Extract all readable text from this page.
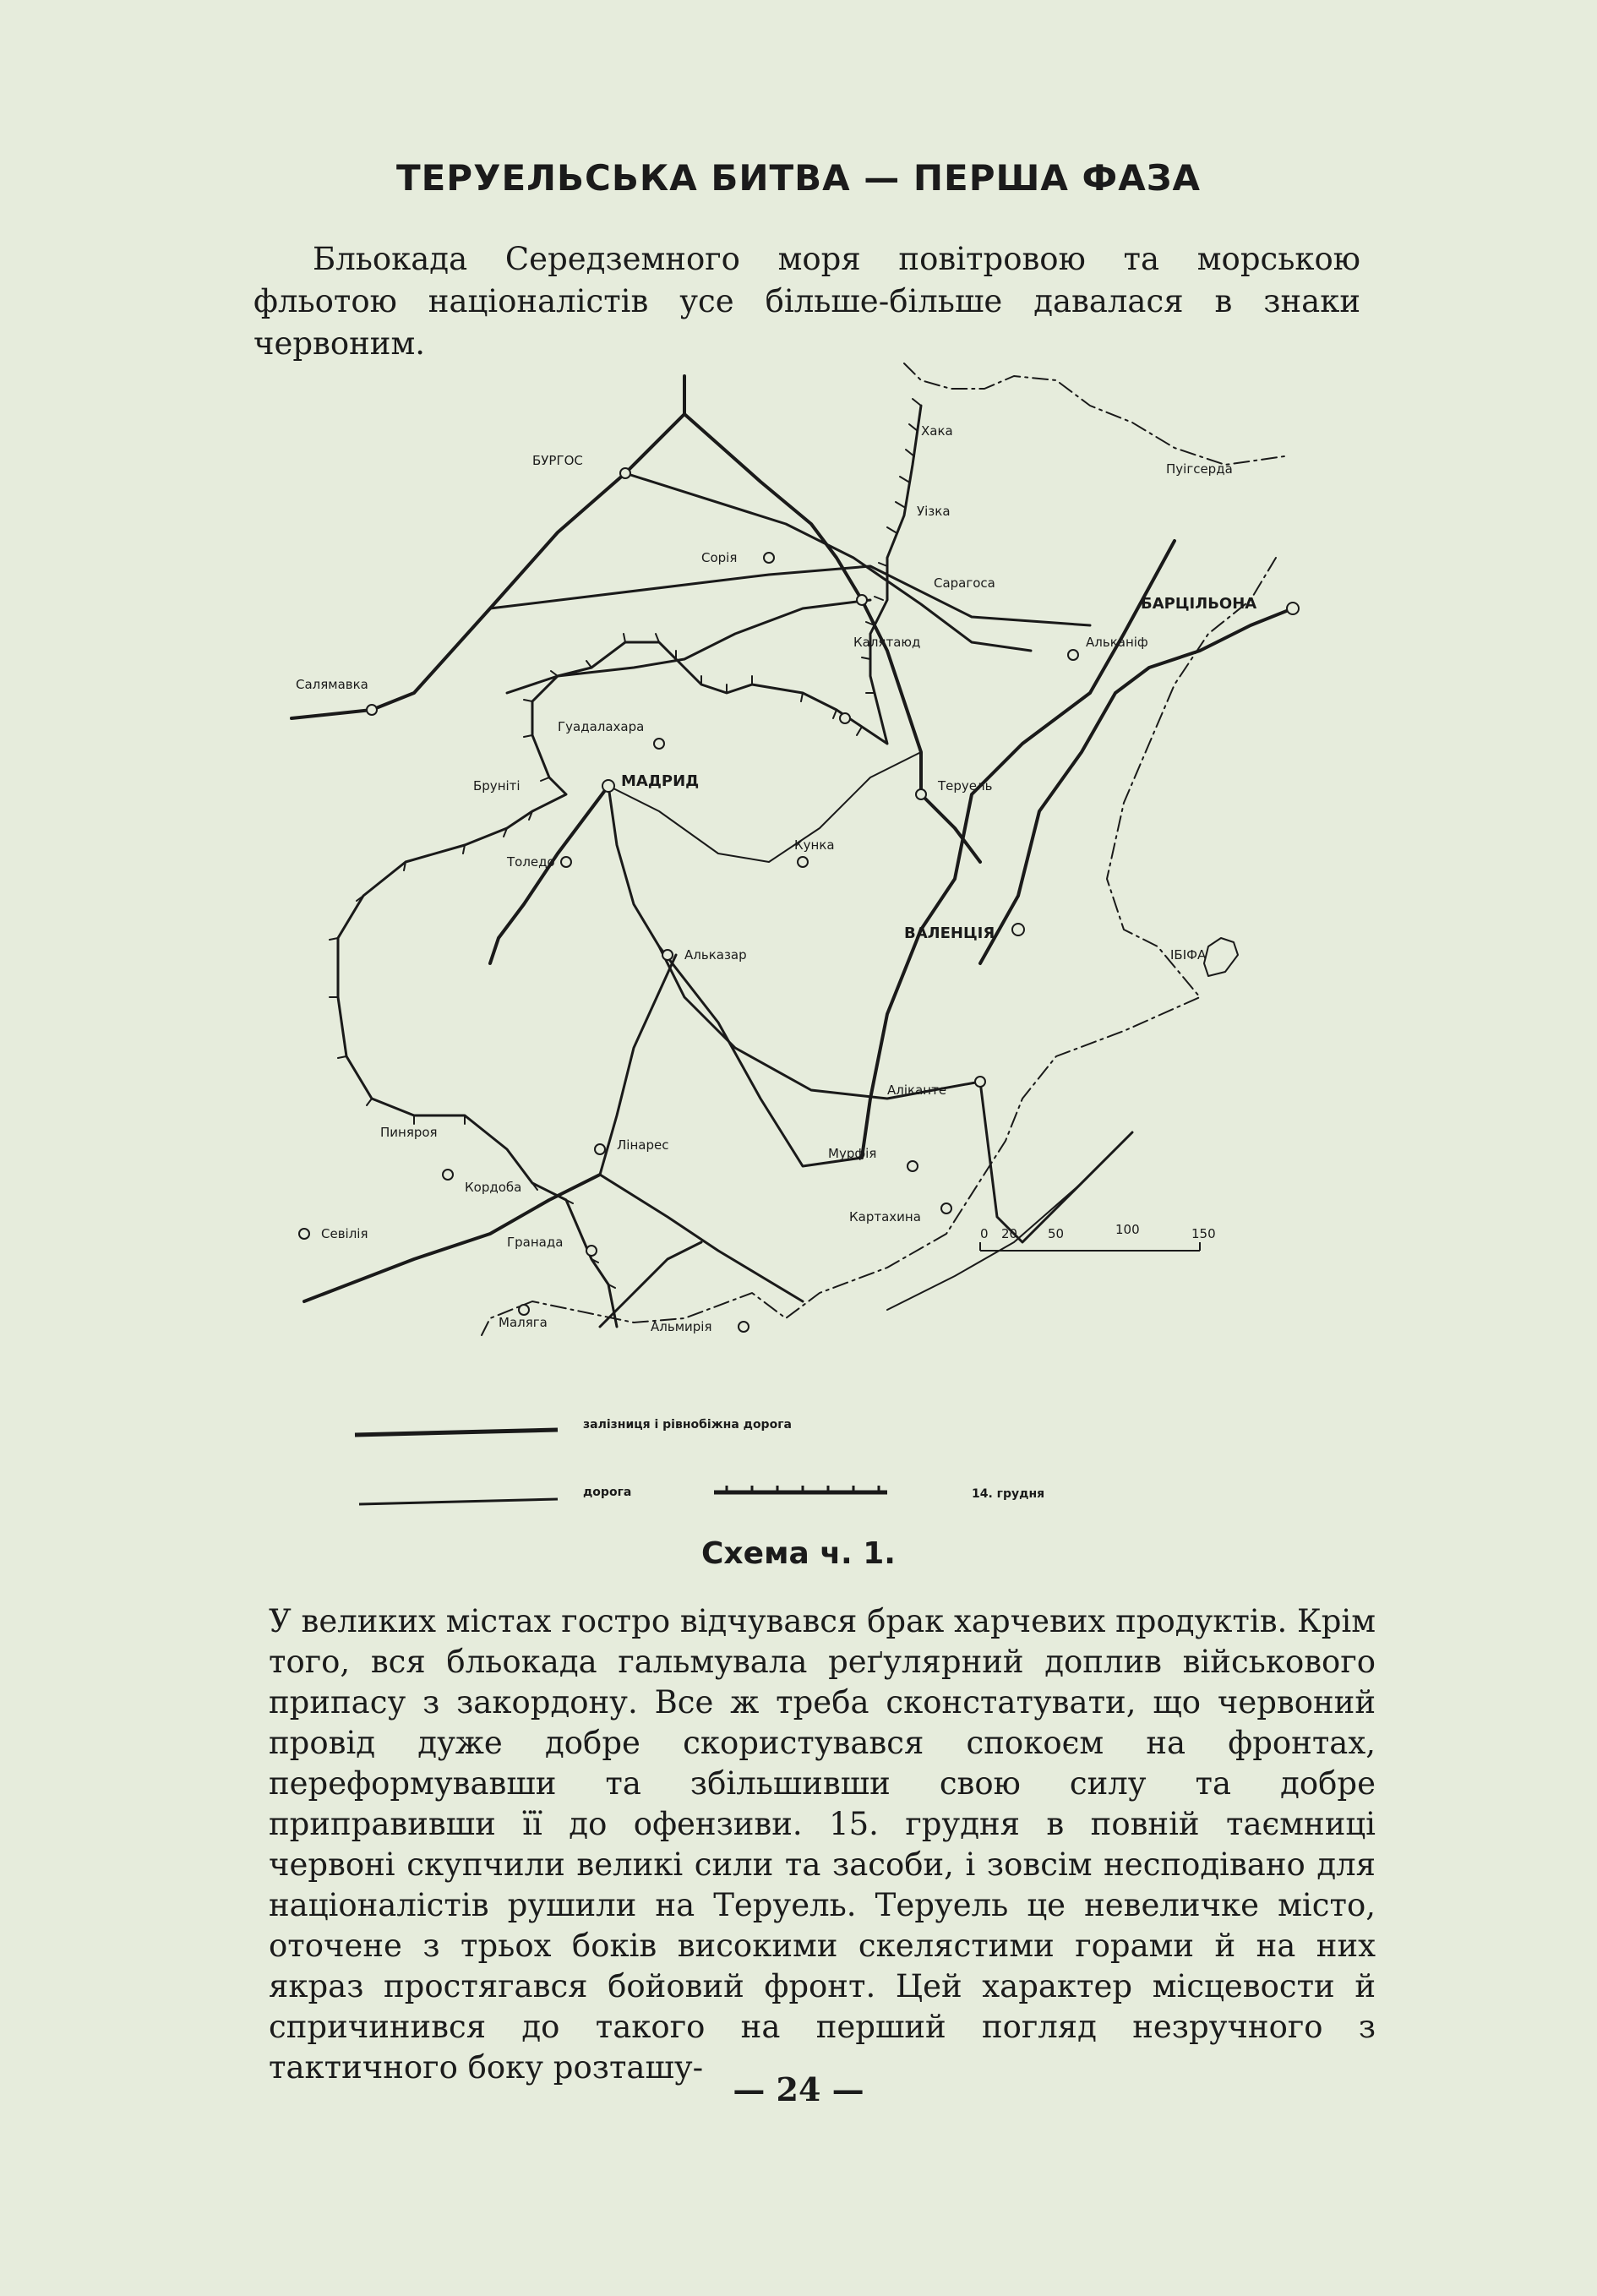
ТЕРУЕЛЬСЬКА БИТВА — ПЕРША ФАЗА
Бльокада Середземного моря повітровою та морською фльотою націоналістів усе більше-більше давалася в знаки червоним.
БУРГОС
Хака
Пуігсерда
Уізка
Сорія
Сарагоса
БАРЦІЛЬОНА
Альканіф
Калятаюд
Салямавка
Гуадалахара
Теруель
Бруніті	МАДРИД
Кунка
Толедо
ВАЛЕНЦІЯ
ІБІФА
Альказар
Аліканте
Пиняроя
Лінарес
Мурфія
Кордоба
Картахина
Севілія
Гранада
Маляга	Альмирія
0 20 50	100	150
залізниця і рівнобіжна дорога
дорога	14. грудня
Схема ч. 1.
У великих містах гостро відчувався брак харчевих продуктів. Крім того, вся бльокада гальмувала реґулярний доплив військового припасу з закордону. Все ж треба сконстатувати, що червоний провід дуже добре скористувався спокоєм на фронтах, переформувавши та збільшивши свою силу та добре приправивши її до офензиви. 15. грудня в повній таємниці червоні скупчили великі сили та засоби, і зовсім несподівано для націоналістів рушили на Теруель. Теруель це невеличке місто, оточене з трьох боків високими скелястими горами й на них якраз простягався бойовий фронт. Цей характер місцевости й спричинився до такого на перший погляд незручного з тактичного боку розташу-
— 24 —
